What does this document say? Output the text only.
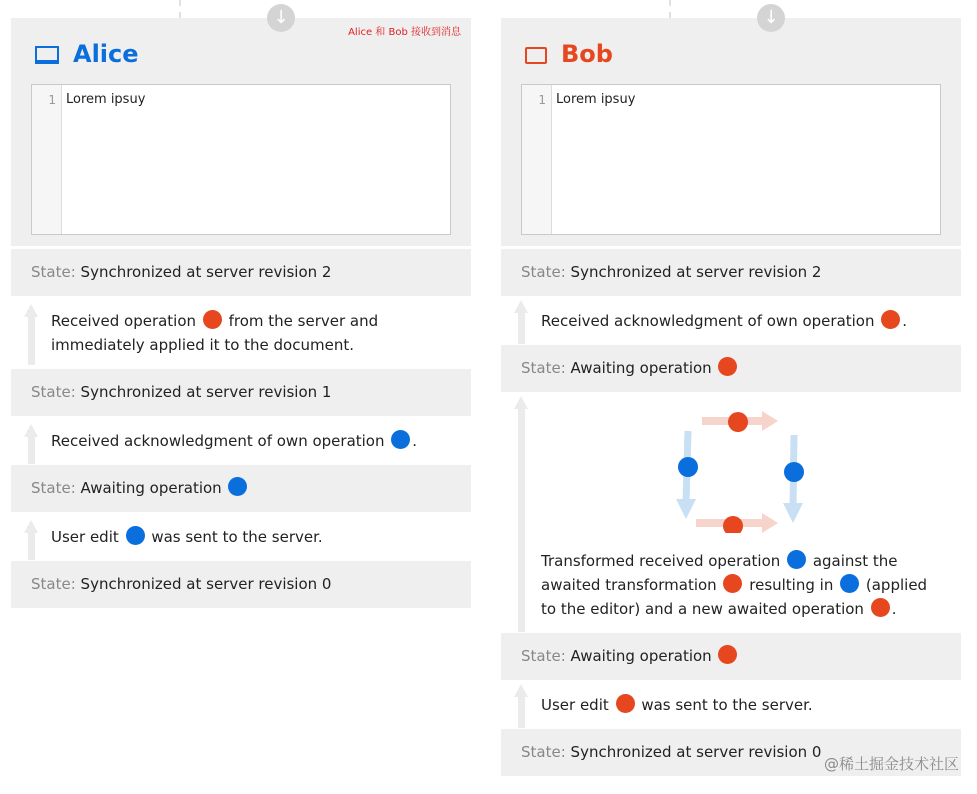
↓
Alice 和 Bob 接收到消息
Alice
1 Lorem ipsuy
State: Synchronized at server revision 2
Received operation from the server and immediately applied it to the document.
State: Synchronized at server revision 1
Received acknowledgment of own operation .
State: Awaiting operation
User edit was sent to the server.
State: Synchronized at server revision 0
↓
Bob
1 Lorem ipsuy
State: Synchronized at server revision 2
Received acknowledgment of own operation .
State: Awaiting operation
Transformed received operation against the awaited transformation resulting in (applied to the editor) and a new awaited operation .
State: Awaiting operation
User edit was sent to the server.
State: Synchronized at server revision 0
@稀土掘金技术社区
